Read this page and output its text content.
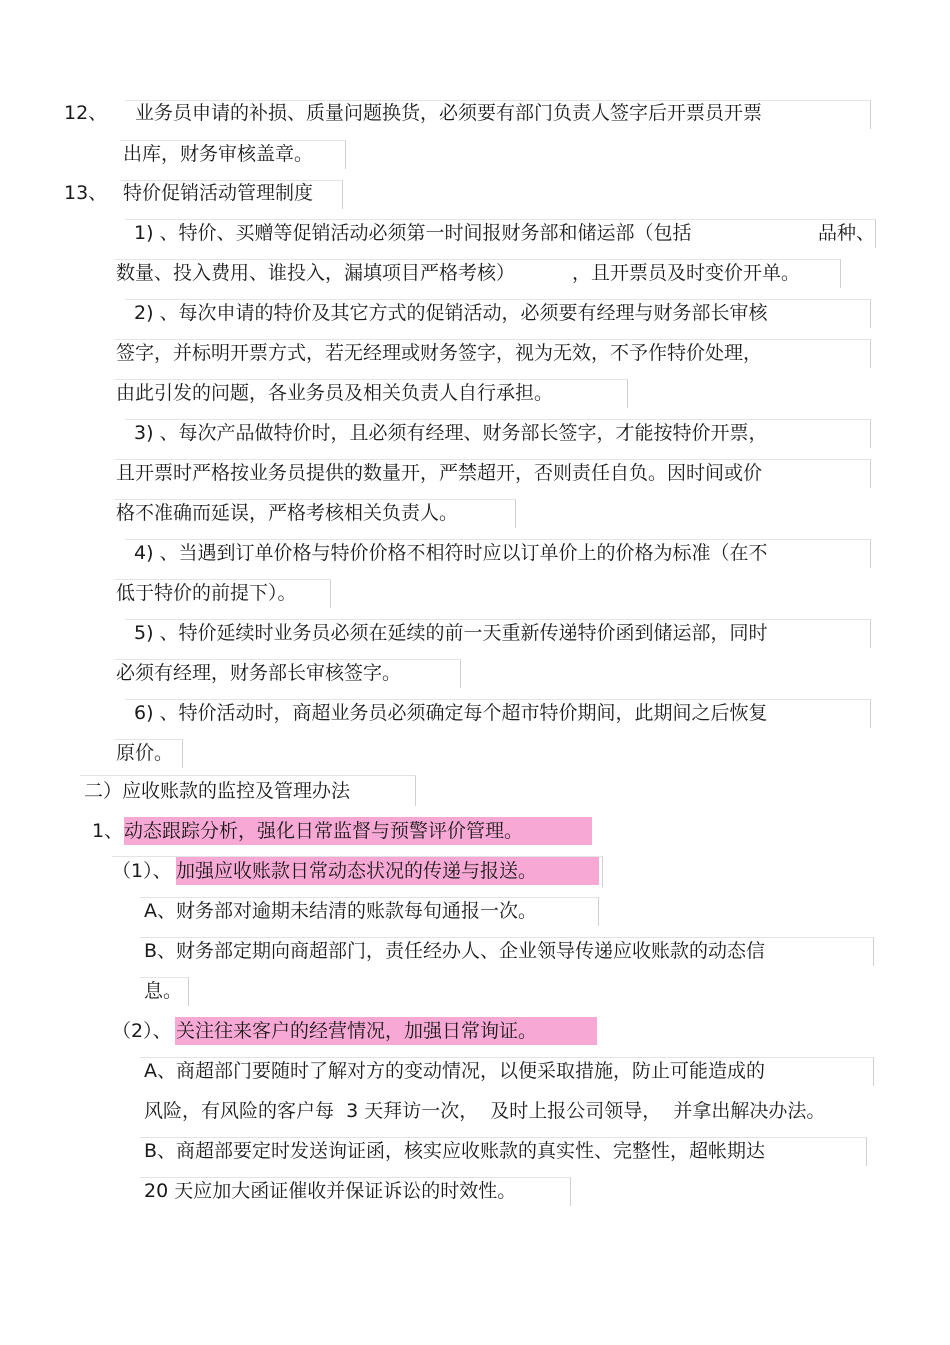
12、 业务员申请的补损、质量问题换货，必须要有部门负责人签字后开票员开票
出库，财务审核盖章。
13、 特价促销活动管理制度
1) 、特价、买赠等促销活动必须第一时间报财务部和储运部（包括	品种、
数量、投入费用、谁投入，漏填项目严格考核）	，且开票员及时变价开单。
2) 、每次申请的特价及其它方式的促销活动，必须要有经理与财务部长审核
签字，并标明开票方式，若无经理或财务签字，视为无效，不予作特价处理，
由此引发的问题，各业务员及相关负责人自行承担。
3) 、每次产品做特价时，且必须有经理、财务部长签字，才能按特价开票，
且开票时严格按业务员提供的数量开，严禁超开，否则责任自负。因时间或价
格不准确而延误，严格考核相关负责人。
4) 、当遇到订单价格与特价价格不相符时应以订单价上的价格为标准（在不
低于特价的前提下）。
5) 、特价延续时业务员必须在延续的前一天重新传递特价函到储运部，同时
必须有经理，财务部长审核签字。
6) 、特价活动时，商超业务员必须确定每个超市特价期间，此期间之后恢复
原价。
二）应收账款的监控及管理办法
1、 动态跟踪分析，强化日常监督与预警评价管理。
（1）、 加强应收账款日常动态状况的传递与报送。
A、财务部对逾期未结清的账款每旬通报一次。
B、财务部定期向商超部门，责任经办人、企业领导传递应收账款的动态信
息。
（2）、 关注往来客户的经营情况，加强日常询证。
A、商超部门要随时了解对方的变动情况，以便采取措施，防止可能造成的
风险，有风险的客户每  3 天拜访一次，  及时上报公司领导，  并拿出解决办法。
B、商超部要定时发送询证函，核实应收账款的真实性、完整性，超帐期达
20 天应加大函证催收并保证诉讼的时效性。
